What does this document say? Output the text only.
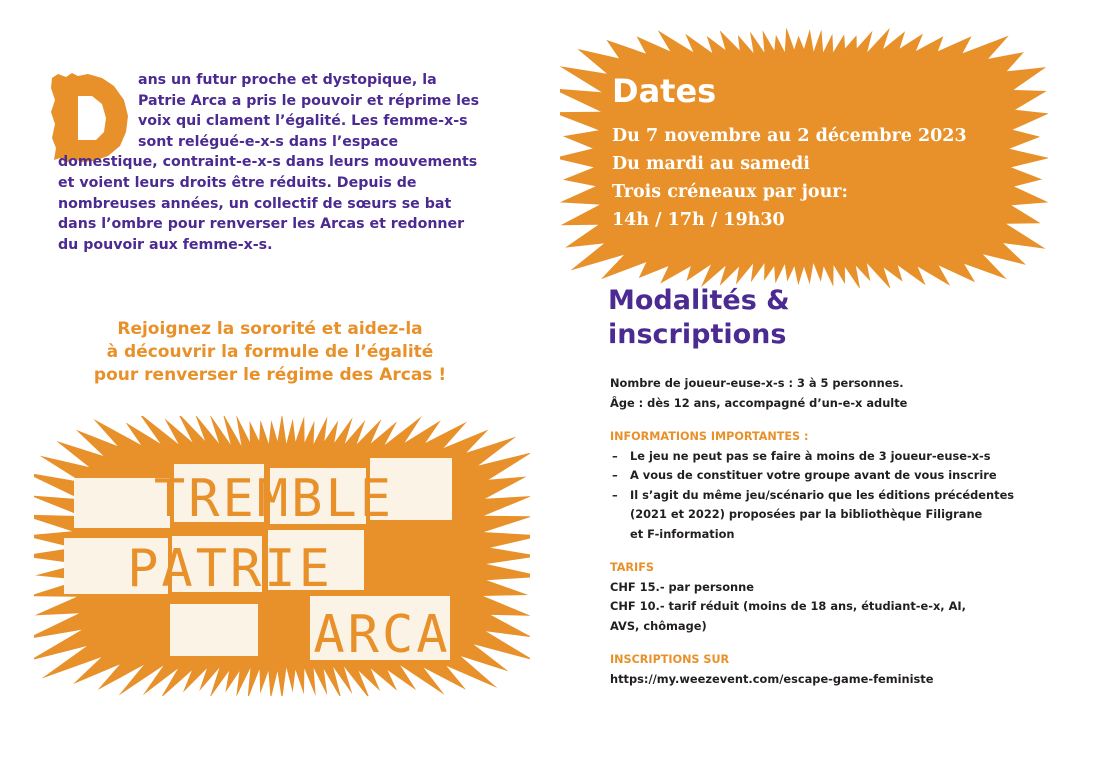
ans un futur proche et dystopique, la Patrie Arca a pris le pouvoir et réprime les voix qui clament l’égalité. Les femme-x-s sont relégué-e-x-s dans l’espace domestique, contraint-e-x-s dans leurs mouvements et voient leurs droits être réduits. Depuis de nombreuses années, un collectif de sœurs se bat dans l’ombre pour renverser les Arcas et redonner du pouvoir aux femme-x-s.

Rejoignez la sororité et aidez-la
à découvrir la formule de l’égalité
pour renverser le régime des Arcas !
TREMBLE
PATRIE
ARCA
Dates
Du 7 novembre au 2 décembre 2023
Du mardi au samedi
Trois créneaux par jour:
14h / 17h / 19h30
Modalités &
inscriptions
Nombre de joueur-euse-x-s : 3 à 5 personnes.
Âge : dès 12 ans, accompagné d’un-e-x adulte
INFORMATIONS IMPORTANTES :
– Le jeu ne peut pas se faire à moins de 3 joueur-euse-x-s
– A vous de constituer votre groupe avant de vous inscrire
– Il s’agit du même jeu/scénario que les éditions précédentes
(2021 et 2022) proposées par la bibliothèque Filigrane
et F-information
TARIFS
CHF 15.- par personne
CHF 10.- tarif réduit (moins de 18 ans, étudiant-e-x, AI,
AVS, chômage)
INSCRIPTIONS SUR
https://my.weezevent.com/escape-game-feministe
